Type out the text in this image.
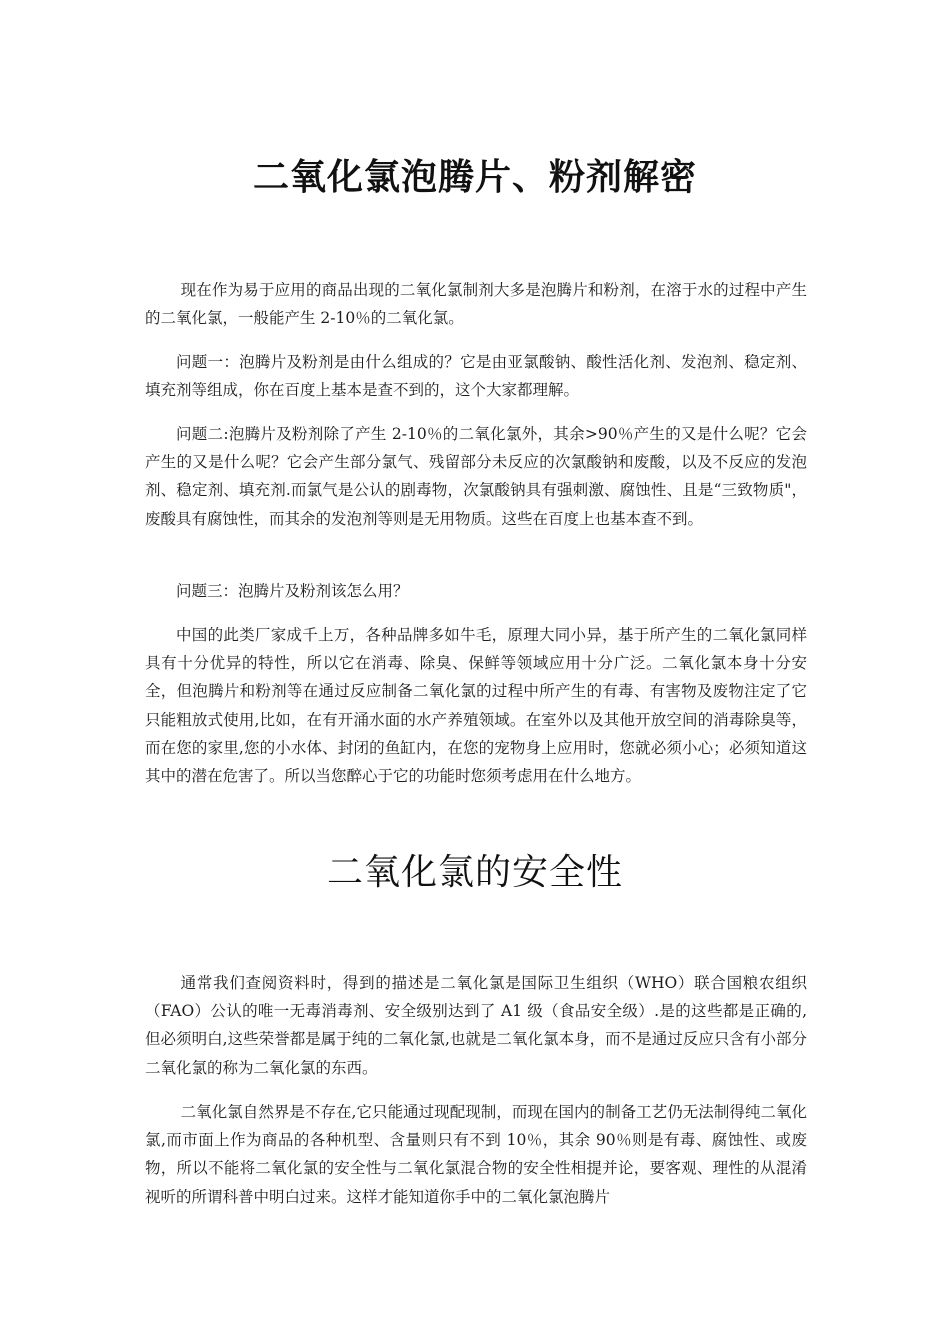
二氧化氯泡腾片、粉剂解密

现在作为易于应用的商品出现的二氧化氯制剂大多是泡腾片和粉剂，在溶于水的过程中产生的二氧化氯，一般能产生 2-10％的二氧化氯。

问题一：泡腾片及粉剂是由什么组成的？它是由亚氯酸钠、酸性活化剂、发泡剂、稳定剂、填充剂等组成，你在百度上基本是查不到的，这个大家都理解。

问题二:泡腾片及粉剂除了产生 2-10％的二氧化氯外，其余>90％产生的又是什么呢？它会产生的又是什么呢？它会产生部分氯气、残留部分未反应的次氯酸钠和废酸，以及不反应的发泡剂、稳定剂、填充剂.而氯气是公认的剧毒物，次氯酸钠具有强刺激、腐蚀性、且是“三致物质"，废酸具有腐蚀性，而其余的发泡剂等则是无用物质。这些在百度上也基本查不到。

问题三：泡腾片及粉剂该怎么用？

中国的此类厂家成千上万，各种品牌多如牛毛，原理大同小异，基于所产生的二氧化氯同样具有十分优异的特性，所以它在消毒、除臭、保鲜等领域应用十分广泛。二氧化氯本身十分安全，但泡腾片和粉剂等在通过反应制备二氧化氯的过程中所产生的有毒、有害物及废物注定了它只能粗放式使用,比如，在有开涌水面的水产养殖领域。在室外以及其他开放空间的消毒除臭等，而在您的家里,您的小水体、封闭的鱼缸内，在您的宠物身上应用时，您就必须小心；必须知道这其中的潜在危害了。所以当您醉心于它的功能时您须考虑用在什么地方。

二氧化氯的安全性

通常我们查阅资料时，得到的描述是二氧化氯是国际卫生组织（WHO）联合国粮农组织（FAO）公认的唯一无毒消毒剂、安全级别达到了 A1 级（食品安全级）.是的这些都是正确的,但必须明白,这些荣誉都是属于纯的二氧化氯,也就是二氧化氯本身，而不是通过反应只含有小部分二氧化氯的称为二氧化氯的东西。

二氧化氯自然界是不存在,它只能通过现配现制，而现在国内的制备工艺仍无法制得纯二氧化氯,而市面上作为商品的各种机型、含量则只有不到 10％，其余 90％则是有毒、腐蚀性、或废物，所以不能将二氧化氯的安全性与二氧化氯混合物的安全性相提并论，要客观、理性的从混淆视听的所谓科普中明白过来。这样才能知道你手中的二氧化氯泡腾片
